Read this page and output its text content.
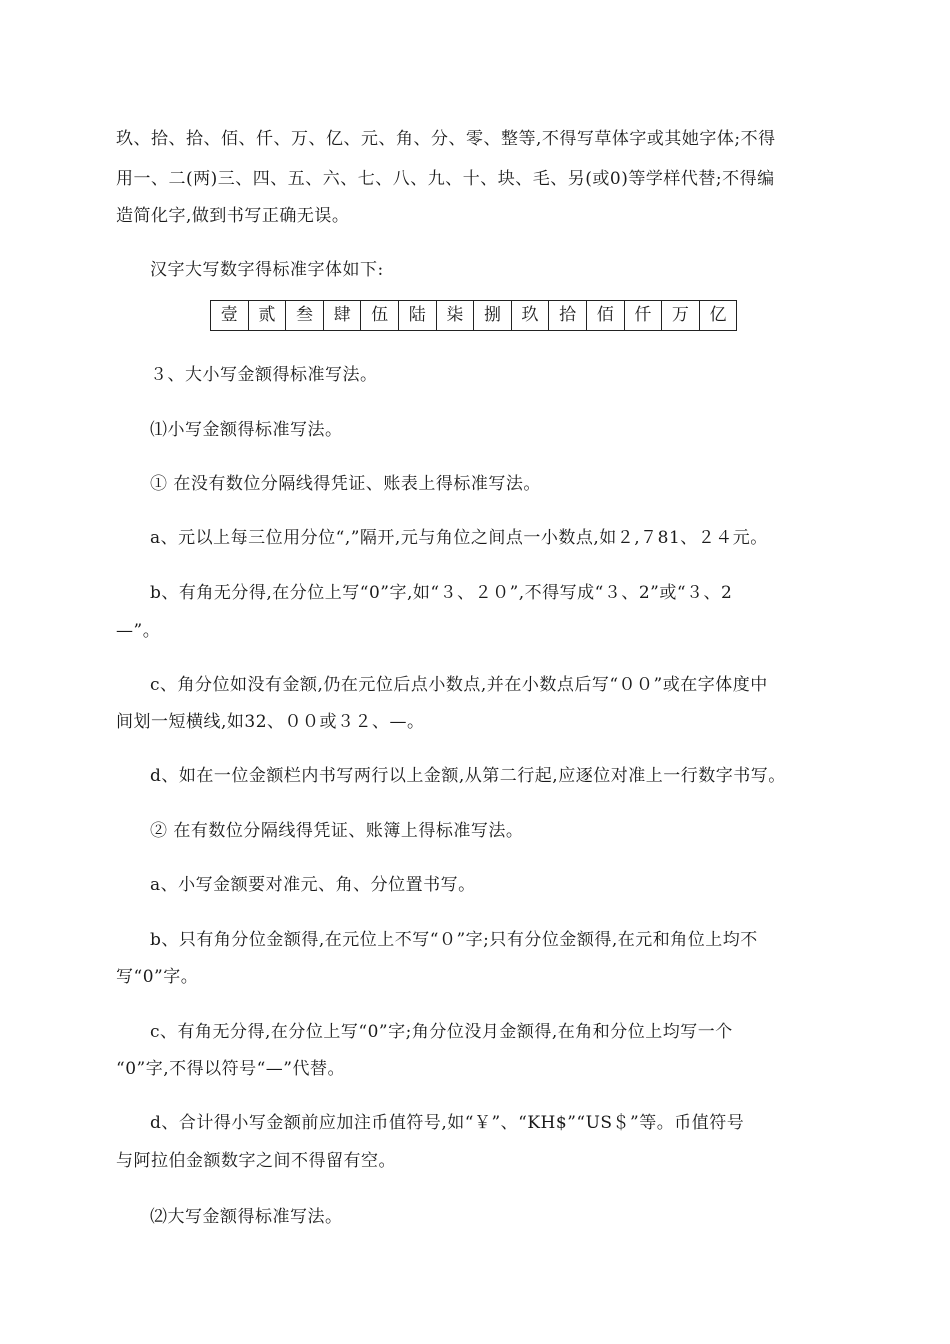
玖、拾、拾、佰、仟、万、亿、元、角、分、零、整等,不得写草体字或其她字体;不得
用一、二(两)三、四、五、六、七、八、九、十、块、毛、另(或0)等学样代替;不得编
造简化字,做到书写正确无误。
汉字大写数字得标准字体如下:
壹	贰	叁	肆	伍	陆	柒	捌	玖	拾	佰	仟	万	亿
３、大小写金额得标准写法。
⑴小写金额得标准写法。
① 在没有数位分隔线得凭证、账表上得标准写法。
a、元以上每三位用分位“,”隔开,元与角位之间点一小数点,如２,７81、２４元。
b、有角无分得,在分位上写“0”字,如“３、２０”,不得写成“３、2”或“３、2
—”。
c、角分位如没有金额,仍在元位后点小数点,并在小数点后写“００”或在字体度中
间划一短横线,如32、００或３２、—。
d、如在一位金额栏内书写两行以上金额,从第二行起,应逐位对准上一行数字书写。
② 在有数位分隔线得凭证、账簿上得标准写法。
a、小写金额要对准元、角、分位置书写。
b、只有角分位金额得,在元位上不写“０”字;只有分位金额得,在元和角位上均不
写“0”字。
c、有角无分得,在分位上写“0”字;角分位没月金额得,在角和分位上均写一个
“0”字,不得以符号“—”代替。
d、合计得小写金额前应加注币值符号,如“￥”、“KH$”“US＄”等。币值符号
与阿拉伯金额数字之间不得留有空。
⑵大写金额得标准写法。
